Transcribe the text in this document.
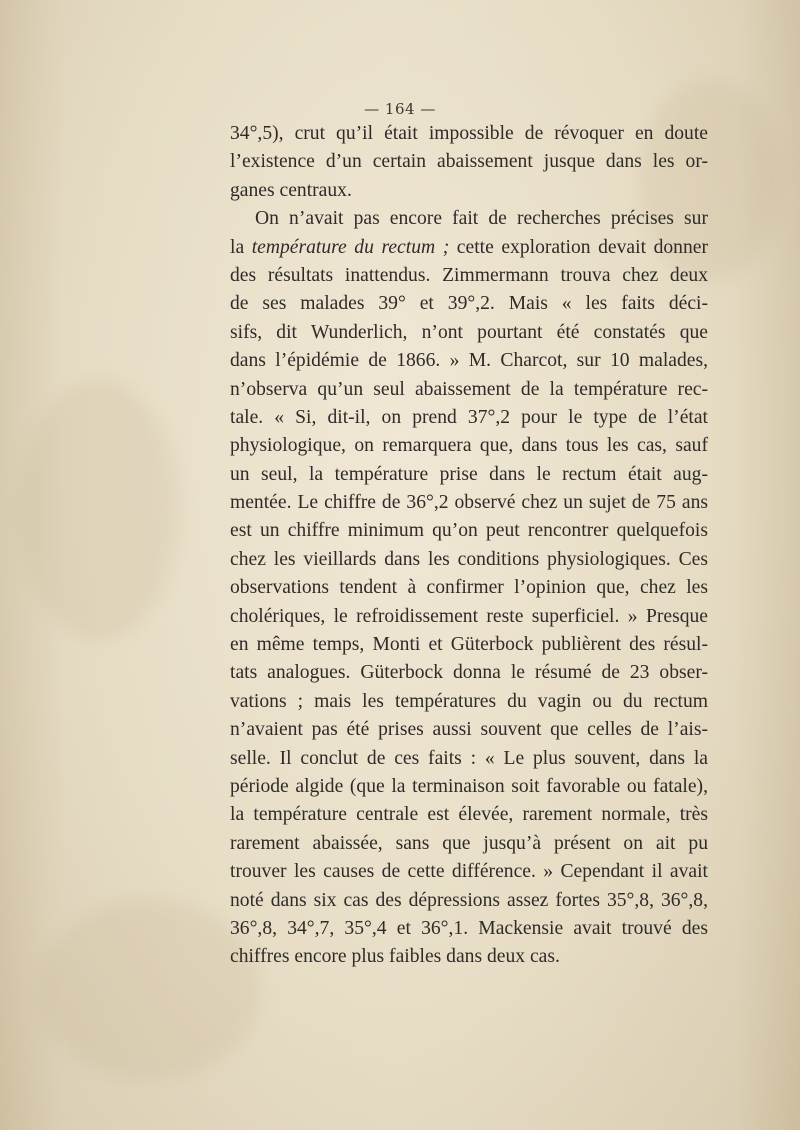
— 164 —
34°,5), crut qu’il était impossible de révoquer en doute
l’existence d’un certain abaissement jusque dans les or-
ganes centraux.
On n’avait pas encore fait de recherches précises sur
la température du rectum ; cette exploration devait donner
des résultats inattendus. Zimmermann trouva chez deux
de ses malades 39° et 39°,2. Mais « les faits déci-
sifs, dit Wunderlich, n’ont pourtant été constatés que
dans l’épidémie de 1866. » M. Charcot, sur 10 malades,
n’observa qu’un seul abaissement de la température rec-
tale. « Si, dit-il, on prend 37°,2 pour le type de l’état
physiologique, on remarquera que, dans tous les cas, sauf
un seul, la température prise dans le rectum était aug-
mentée. Le chiffre de 36°,2 observé chez un sujet de 75 ans
est un chiffre minimum qu’on peut rencontrer quelquefois
chez les vieillards dans les conditions physiologiques. Ces
observations tendent à confirmer l’opinion que, chez les
cholériques, le refroidissement reste superficiel. » Presque
en même temps, Monti et Güterbock publièrent des résul-
tats analogues. Güterbock donna le résumé de 23 obser-
vations ; mais les températures du vagin ou du rectum
n’avaient pas été prises aussi souvent que celles de l’ais-
selle. Il conclut de ces faits : « Le plus souvent, dans la
période algide (que la terminaison soit favorable ou fatale),
la température centrale est élevée, rarement normale, très
rarement abaissée, sans que jusqu’à présent on ait pu
trouver les causes de cette différence. » Cependant il avait
noté dans six cas des dépressions assez fortes 35°,8, 36°,8,
36°,8, 34°,7, 35°,4 et 36°,1. Mackensie avait trouvé des
chiffres encore plus faibles dans deux cas.
